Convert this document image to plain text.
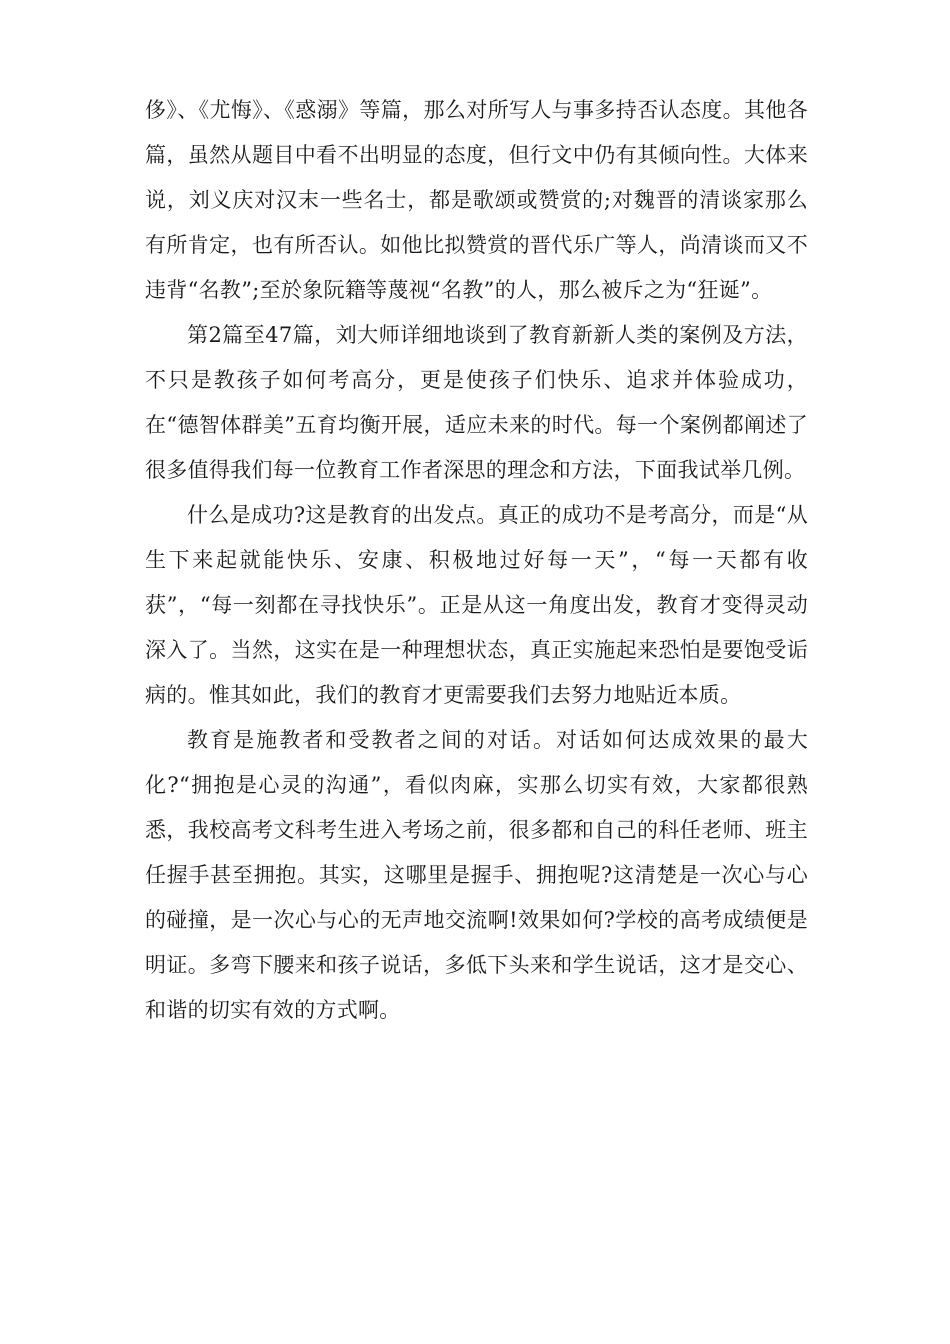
侈》、《尤悔》、《惑溺》等篇，那么对所写人与事多持否认态度。其他各篇，虽然从题目中看不出明显的态度，但行文中仍有其倾向性。大体来说，刘义庆对汉末一些名士，都是歌颂或赞赏的;对魏晋的清谈家那么有所肯定，也有所否认。如他比拟赞赏的晋代乐广等人，尚清谈而又不违背“名教”;至於象阮籍等蔑视“名教”的人，那么被斥之为“狂诞”。

第2篇至47篇，刘大师详细地谈到了教育新新人类的案例及方法，不只是教孩子如何考高分，更是使孩子们快乐、追求并体验成功，在“德智体群美”五育均衡开展，适应未来的时代。每一个案例都阐述了很多值得我们每一位教育工作者深思的理念和方法，下面我试举几例。

什么是成功?这是教育的出发点。真正的成功不是考高分，而是“从生下来起就能快乐、安康、积极地过好每一天”，“每一天都有收获”，“每一刻都在寻找快乐”。正是从这一角度出发，教育才变得灵动深入了。当然，这实在是一种理想状态，真正实施起来恐怕是要饱受诟病的。惟其如此，我们的教育才更需要我们去努力地贴近本质。

教育是施教者和受教者之间的对话。对话如何达成效果的最大化?“拥抱是心灵的沟通”，看似肉麻，实那么切实有效，大家都很熟悉，我校高考文科考生进入考场之前，很多都和自己的科任老师、班主任握手甚至拥抱。其实，这哪里是握手、拥抱呢?这清楚是一次心与心的碰撞，是一次心与心的无声地交流啊!效果如何?学校的高考成绩便是明证。多弯下腰来和孩子说话，多低下头来和学生说话，这才是交心、和谐的切实有效的方式啊。
